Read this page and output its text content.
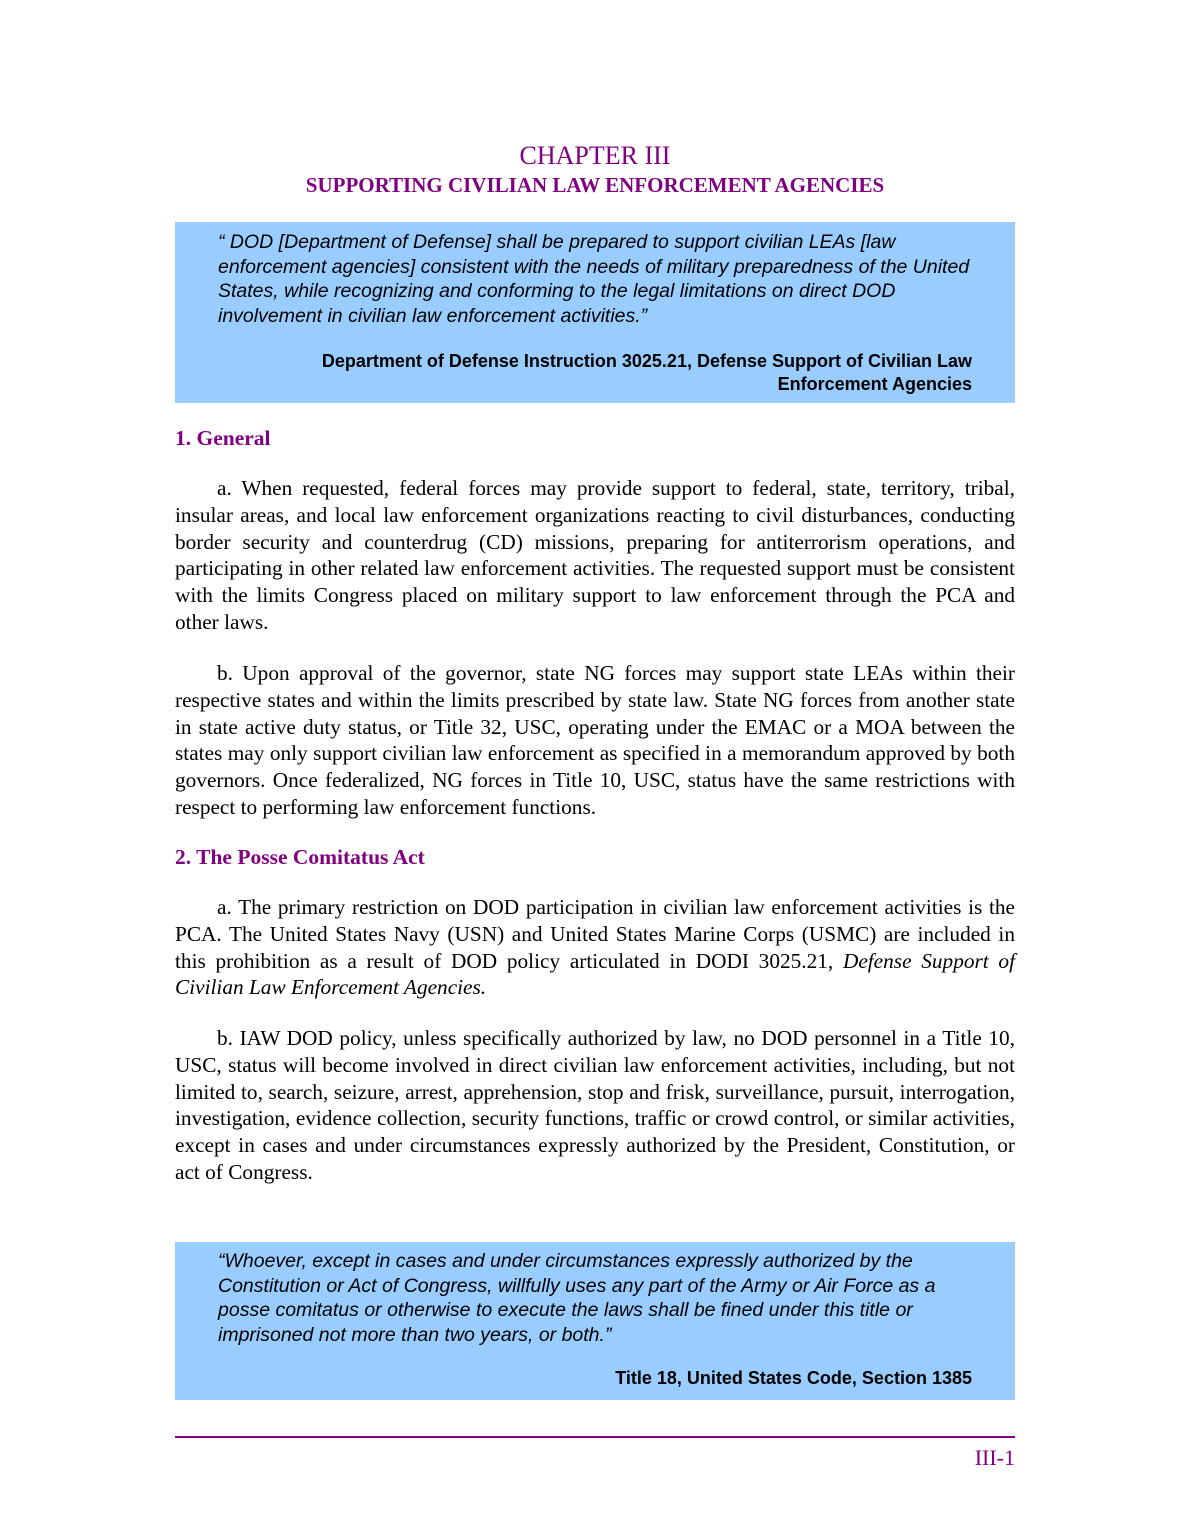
CHAPTER III
SUPPORTING CIVILIAN LAW ENFORCEMENT AGENCIES

“ DOD [Department of Defense] shall be prepared to support civilian LEAs [law enforcement agencies] consistent with the needs of military preparedness of the United States, while recognizing and conforming to the legal limitations on direct DOD involvement in civilian law enforcement activities.”

Department of Defense Instruction 3025.21, Defense Support of Civilian Law Enforcement Agencies

1. General

a. When requested, federal forces may provide support to federal, state, territory, tribal, insular areas, and local law enforcement organizations reacting to civil disturbances, conducting border security and counterdrug (CD) missions, preparing for antiterrorism operations, and participating in other related law enforcement activities. The requested support must be consistent with the limits Congress placed on military support to law enforcement through the PCA and other laws.

b. Upon approval of the governor, state NG forces may support state LEAs within their respective states and within the limits prescribed by state law. State NG forces from another state in state active duty status, or Title 32, USC, operating under the EMAC or a MOA between the states may only support civilian law enforcement as specified in a memorandum approved by both governors. Once federalized, NG forces in Title 10, USC, status have the same restrictions with respect to performing law enforcement functions.

2. The Posse Comitatus Act

a. The primary restriction on DOD participation in civilian law enforcement activities is the PCA. The United States Navy (USN) and United States Marine Corps (USMC) are included in this prohibition as a result of DOD policy articulated in DODI 3025.21, Defense Support of Civilian Law Enforcement Agencies.

b. IAW DOD policy, unless specifically authorized by law, no DOD personnel in a Title 10, USC, status will become involved in direct civilian law enforcement activities, including, but not limited to, search, seizure, arrest, apprehension, stop and frisk, surveillance, pursuit, interrogation, investigation, evidence collection, security functions, traffic or crowd control, or similar activities, except in cases and under circumstances expressly authorized by the President, Constitution, or act of Congress.

“Whoever, except in cases and under circumstances expressly authorized by the Constitution or Act of Congress, willfully uses any part of the Army or Air Force as a posse comitatus or otherwise to execute the laws shall be fined under this title or imprisoned not more than two years, or both.”

Title 18, United States Code, Section 1385

III-1
